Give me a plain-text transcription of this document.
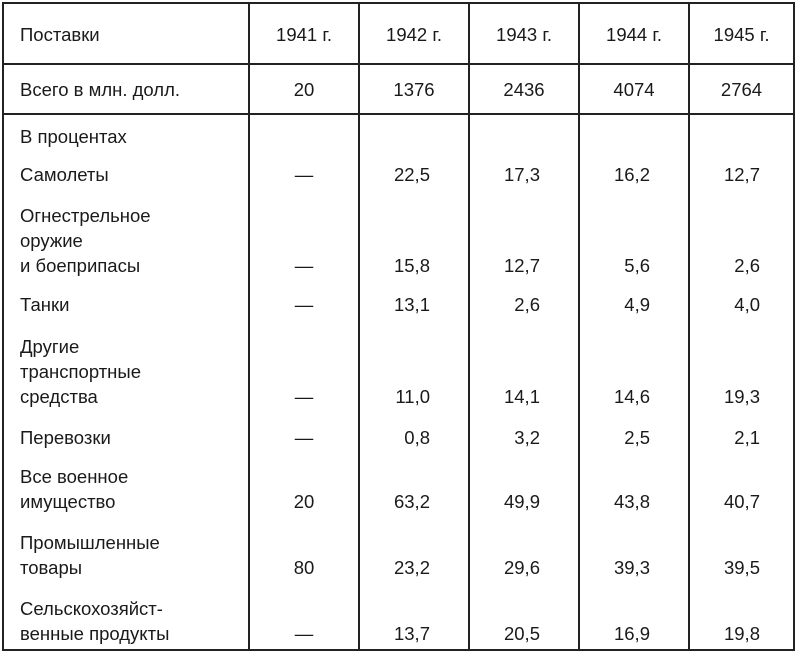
Поставки	1941 г.	1942 г.	1943 г.	1944 г.	1945 г.
Всего в млн. долл.	20	1376	2436	4074	2764
В процентах
Самолеты	—	22,5	17,3	16,2	12,7
Огнестрельное
оружие
и боеприпасы	—	15,8	12,7	5,6	2,6
Танки	—	13,1	2,6	4,9	4,0
Другие
транспортные
средства	—	11,0	14,1	14,6	19,3
Перевозки	—	0,8	3,2	2,5	2,1
Все военное
имущество	20	63,2	49,9	43,8	40,7
Промышленные
товары	80	23,2	29,6	39,3	39,5
Сельскохозяйст-
венные продукты	—	13,7	20,5	16,9	19,8
